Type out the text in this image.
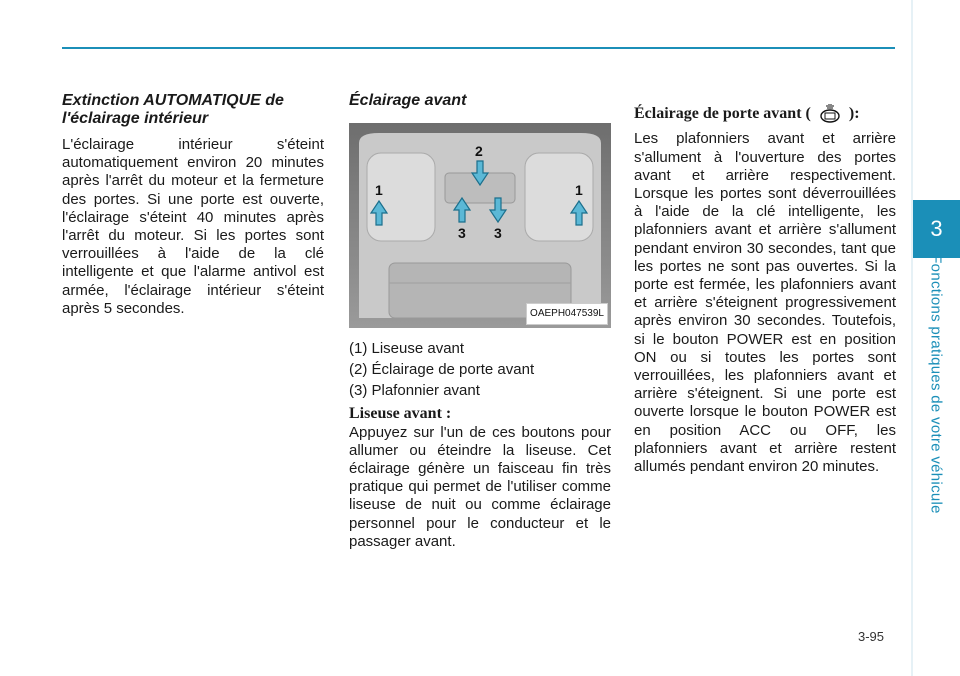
3
Fonctions pratiques de votre véhicule
Extinction AUTOMATIQUE de l'éclairage intérieur

L'éclairage intérieur s'éteint automatiquement environ 20 minutes après l'arrêt du moteur et la fermeture des portes. Si une porte est ouverte, l'éclairage s'éteint 40 minutes après l'arrêt du moteur. Si les portes sont verrouillées à l'aide de la clé intelligente et que l'alarme antivol est armée, l'éclairage intérieur s'éteint après 5 secondes.

Éclairage avant
1
2
3 3
1
OAEPH047539L
(1) Liseuse avant
(2) Éclairage de porte avant
(3) Plafonnier avant
Liseuse avant :

Appuyez sur l'un de ces boutons pour allumer ou éteindre la liseuse. Cet éclairage génère un faisceau fin très pratique qui permet de l'utiliser comme liseuse de nuit ou comme éclairage personnel pour le conducteur et le passager avant.

Éclairage de porte avant ( ):

Les plafonniers avant et arrière s'allument à l'ouverture des portes avant et arrière respectivement. Lorsque les portes sont déverrouillées à l'aide de la clé intelligente, les plafonniers avant et arrière s'allument pendant environ 30 secondes, tant que les portes ne sont pas ouvertes. Si la porte est fermée, les plafonniers avant et arrière s'éteignent progressivement après environ 30 secondes. Toutefois, si le bouton POWER est en position ON ou si toutes les portes sont verrouillées, les plafonniers avant et arrière s'éteignent. Si une porte est ouverte lorsque le bouton POWER est en position ACC ou OFF, les plafonniers avant et arrière restent allumés pendant environ 20 minutes.

3-95
